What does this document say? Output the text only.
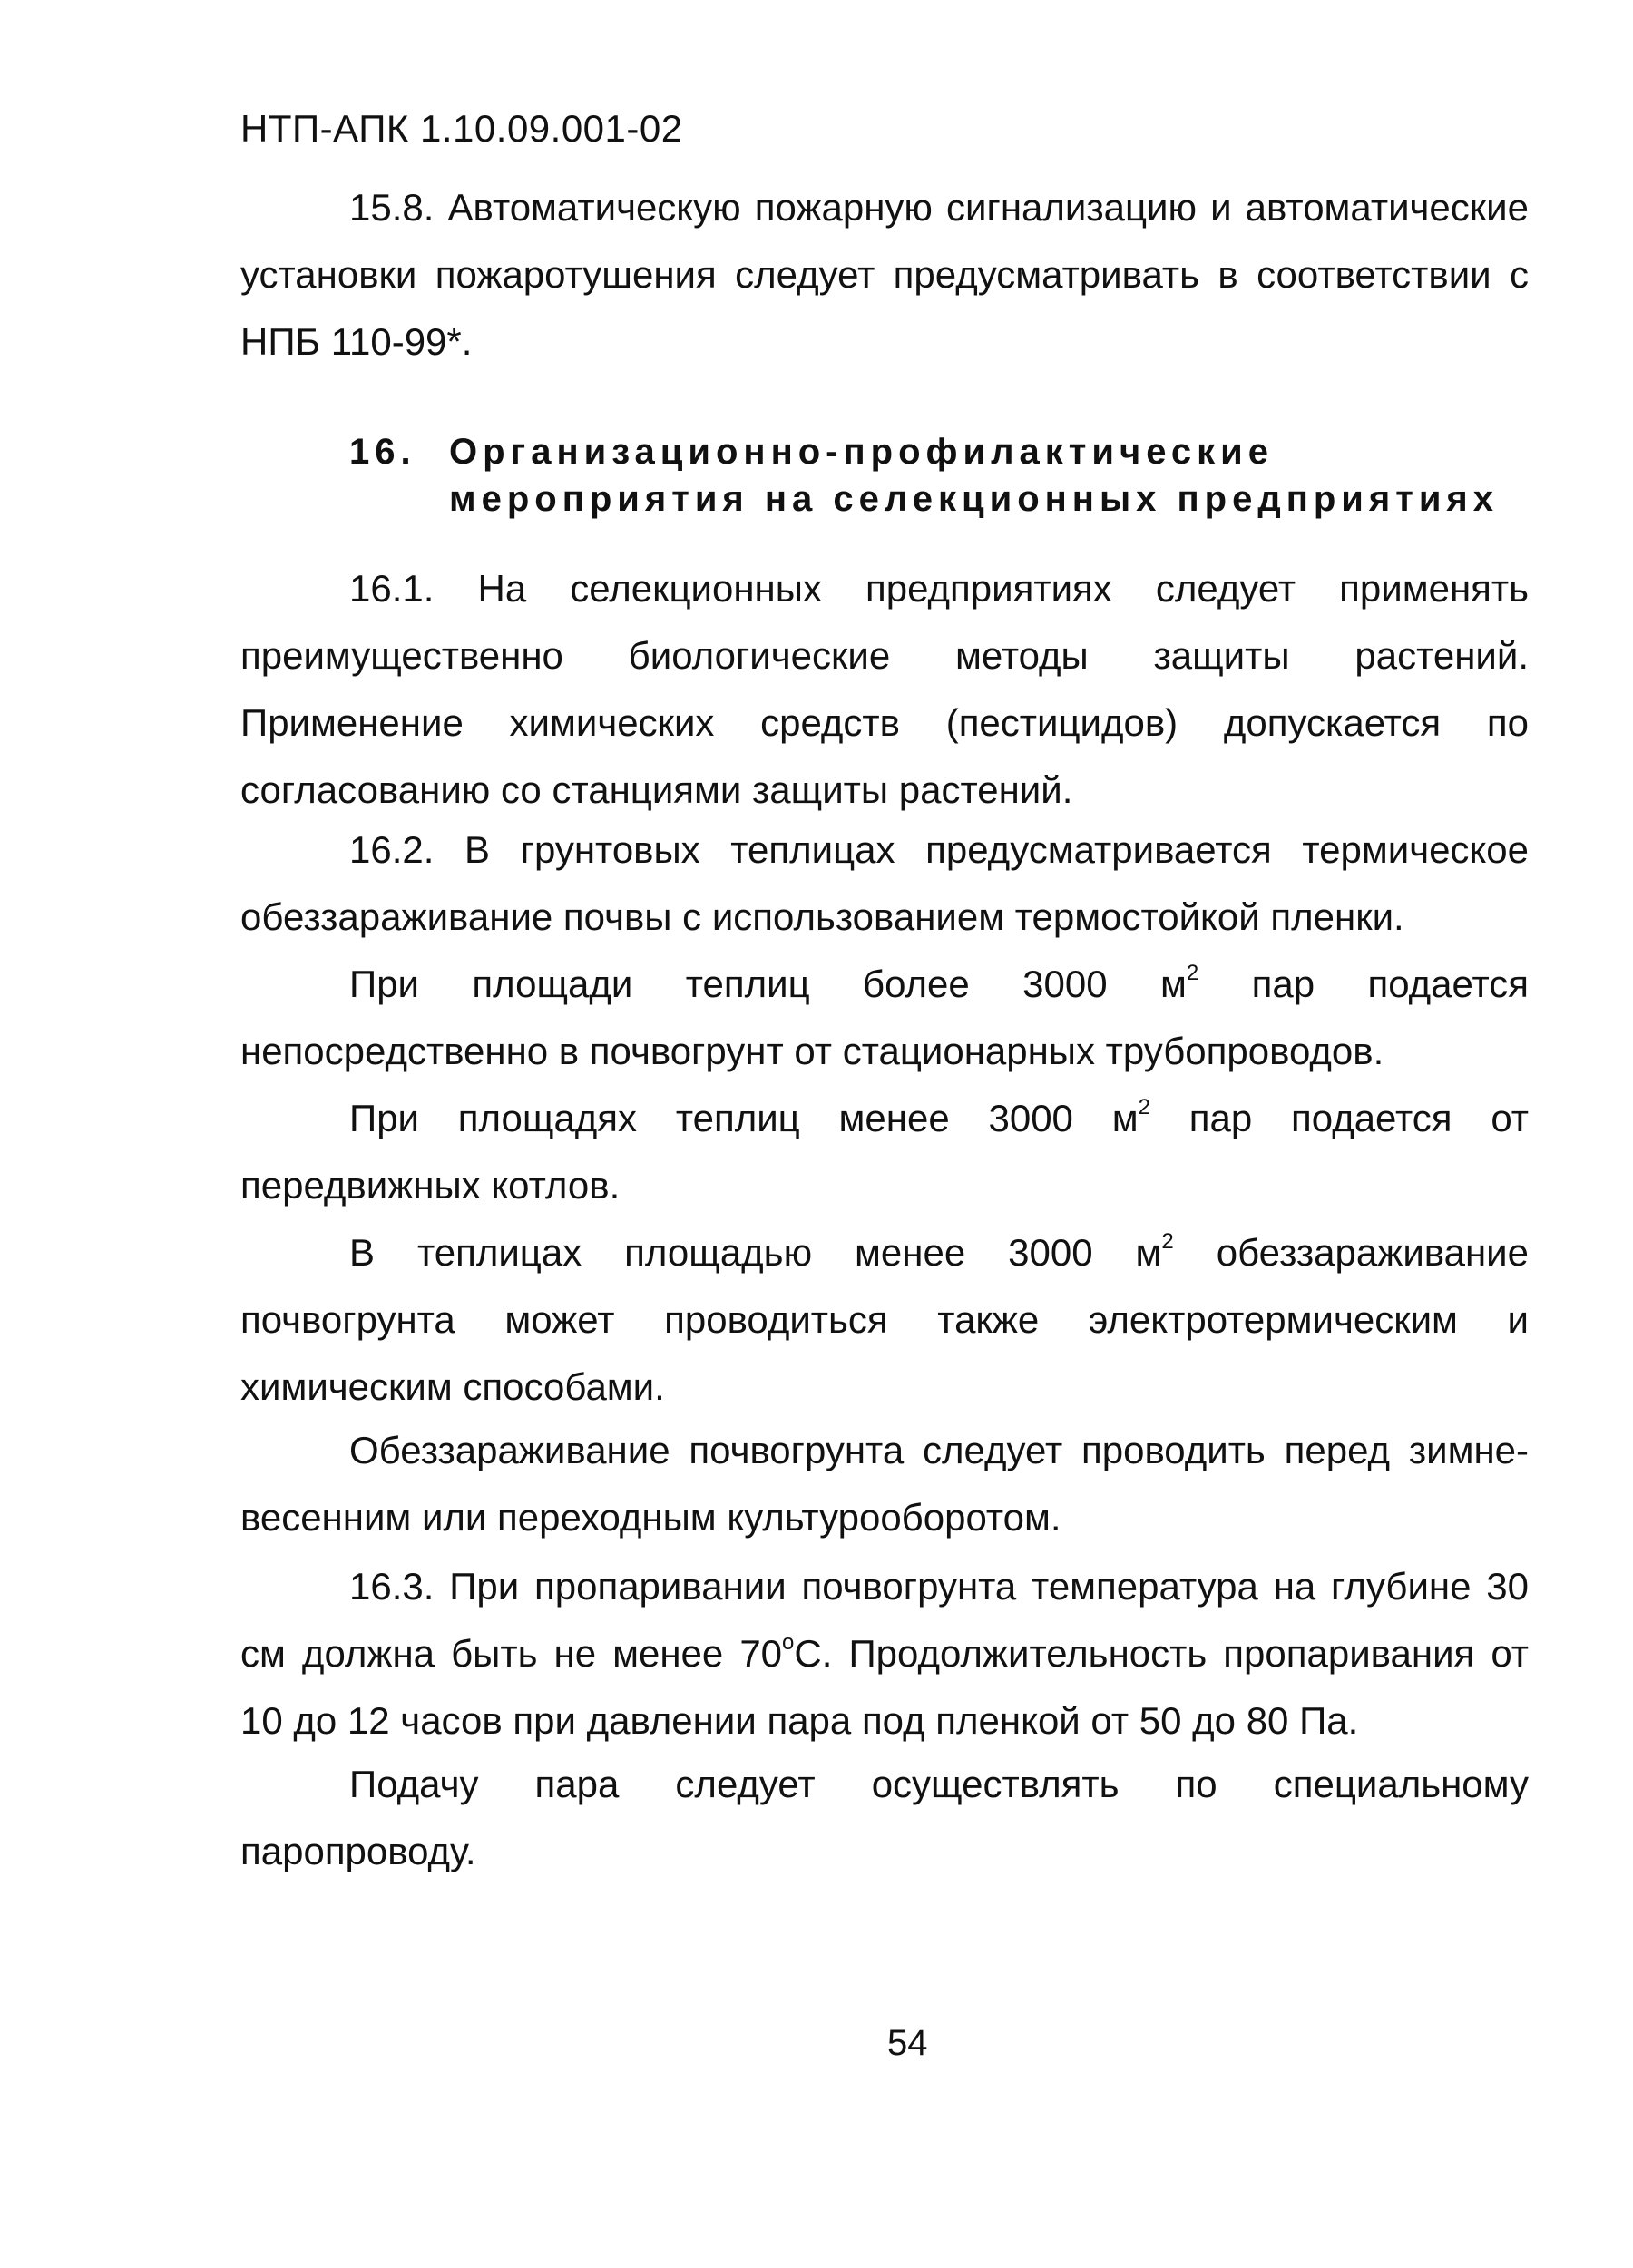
НТП-АПК 1.10.09.001-02

15.8. Автоматическую пожарную сигнализацию и автоматические установки пожаротушения следует предусматривать в соответствии с НПБ 110-99*.

16. Организационно-профилактические
мероприятия на селекционных предприятиях

16.1. На селекционных предприятиях следует применять преимущественно биологические методы защиты растений. Применение химических средств (пестицидов) допускается по согласованию со станциями защиты растений.

16.2. В грунтовых теплицах предусматривается термическое обеззараживание почвы с использованием термостойкой пленки.

При площади теплиц более 3000 $м^2$ пар подается непосредственно в почвогрунт от стационарных трубопроводов.

При площадях теплиц менее 3000 $м^2$ пар подается от передвижных котлов.

В теплицах площадью менее 3000 $м^2$ обеззараживание почвогрунта может проводиться также электротермическим и химическим способами.

Обеззараживание почвогрунта следует проводить перед зимне-весенним или переходным культурооборотом.

16.3. При пропаривании почвогрунта температура на глубине 30 см должна быть не менее 70$^o$С. Продолжительность пропаривания от 10 до 12 часов при давлении пара под пленкой от 50 до 80 Па.

Подачу пара следует осуществлять по специальному паропроводу.

54
